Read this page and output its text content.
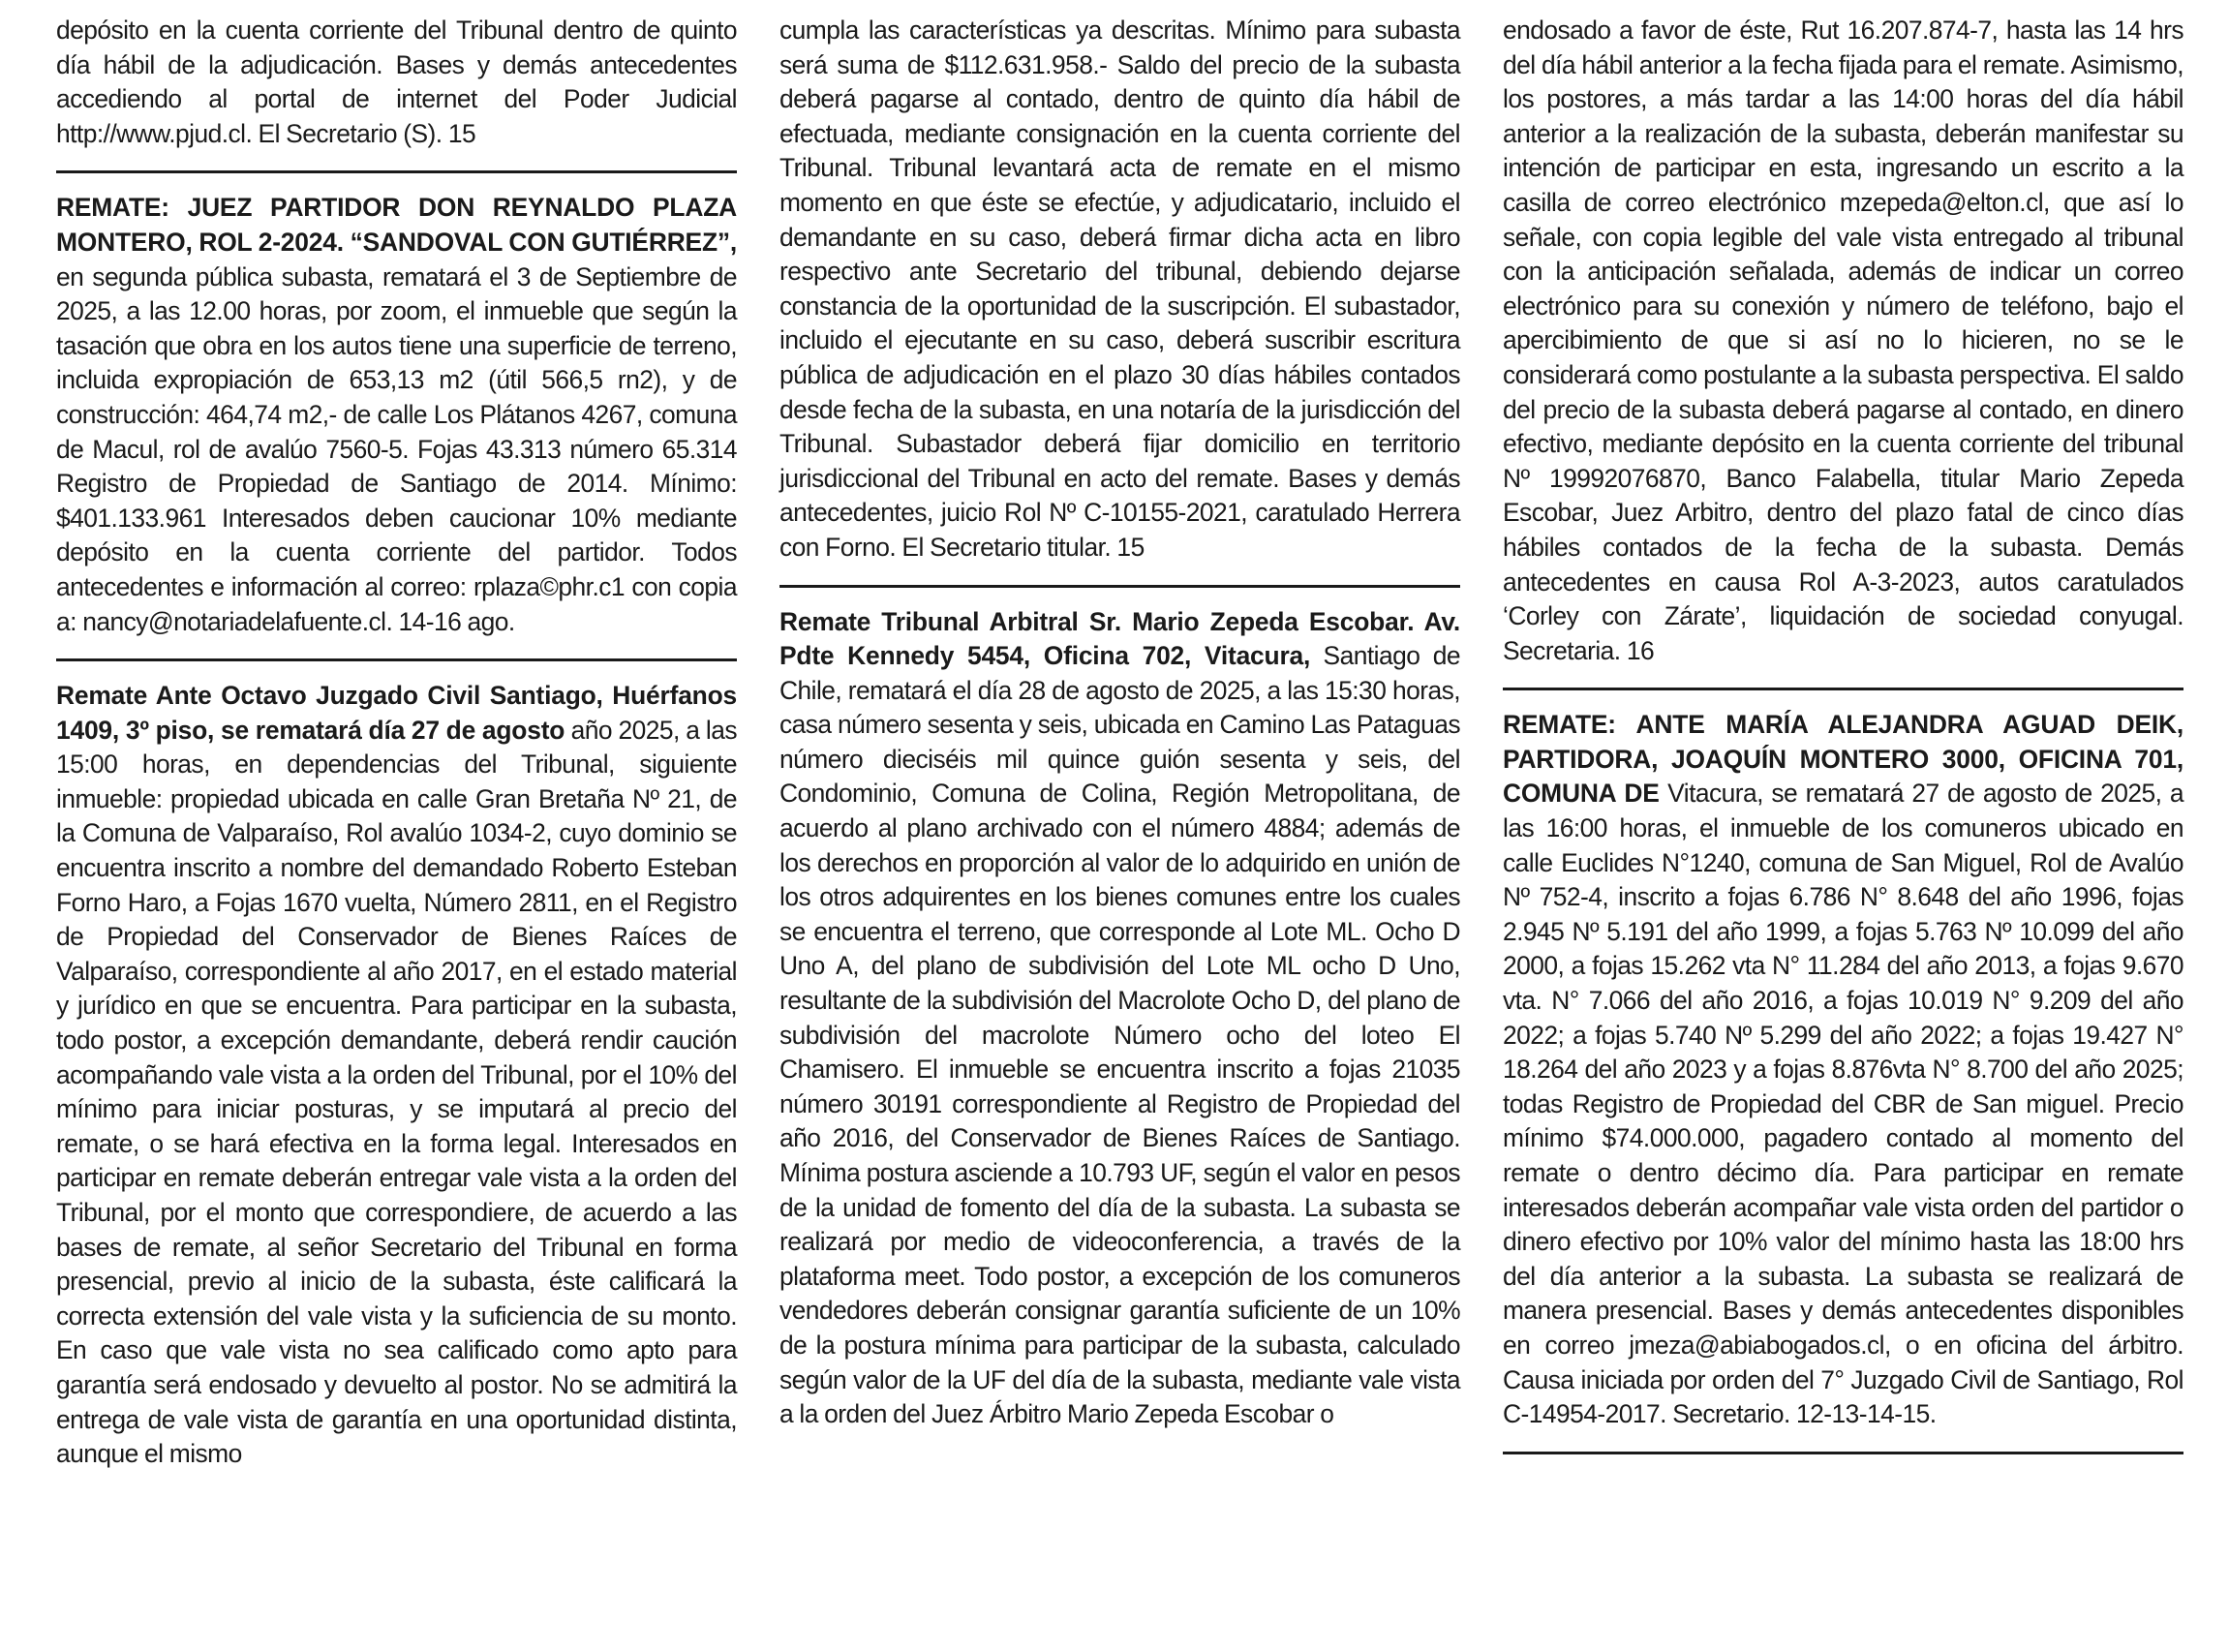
depósito en la cuenta corriente del Tribunal dentro de quinto día hábil de la adjudicación. Bases y demás antecedentes accediendo al portal de internet del Poder Judicial http://www.pjud.cl. El Secretario (S). 15

REMATE: JUEZ PARTIDOR DON REYNALDO PLAZA MONTERO, ROL 2-2024. “SANDOVAL CON GUTIÉRREZ”, en segunda pública subasta, rematará el 3 de Septiembre de 2025, a las 12.00 horas, por zoom, el inmueble que según la tasación que obra en los autos tiene una superficie de terreno, incluida expropiación de 653,13 m2 (útil 566,5 rn2), y de construcción: 464,74 m2,- de calle Los Plátanos 4267, comuna de Macul, rol de avalúo 7560-5. Fojas 43.313 número 65.314 Registro de Propiedad de Santiago de 2014. Mínimo: $401.133.961 Interesados deben caucionar 10% mediante depósito en la cuenta corriente del partidor. Todos antecedentes e información al correo: rplaza©phr.c1 con copia a: nancy@notariadelafuente.cl. 14-16 ago.

Remate Ante Octavo Juzgado Civil Santiago, Huérfanos 1409, 3º piso, se rematará día 27 de agosto año 2025, a las 15:00 horas, en dependencias del Tribunal, siguiente inmueble: propiedad ubicada en calle Gran Bretaña Nº 21, de la Comuna de Valparaíso, Rol avalúo 1034-2, cuyo dominio se encuentra inscrito a nombre del demandado Roberto Esteban Forno Haro, a Fojas 1670 vuelta, Número 2811, en el Registro de Propiedad del Conservador de Bienes Raíces de Valparaíso, correspondiente al año 2017, en el estado material y jurídico en que se encuentra. Para participar en la subasta, todo postor, a excepción demandante, deberá rendir caución acompañando vale vista a la orden del Tribunal, por el 10% del mínimo para iniciar posturas, y se imputará al precio del remate, o se hará efectiva en la forma legal. Interesados en participar en remate deberán entregar vale vista a la orden del Tribunal, por el monto que correspondiere, de acuerdo a las bases de remate, al señor Secretario del Tribunal en forma presencial, previo al inicio de la subasta, éste calificará la correcta extensión del vale vista y la suficiencia de su monto. En caso que vale vista no sea calificado como apto para garantía será endosado y devuelto al postor. No se admitirá la entrega de vale vista de garantía en una oportunidad distinta, aunque el mismo

cumpla las características ya descritas. Mínimo para subasta será suma de $112.631.958.- Saldo del precio de la subasta deberá pagarse al contado, dentro de quinto día hábil de efectuada, mediante consignación en la cuenta corriente del Tribunal. Tribunal levantará acta de remate en el mismo momento en que éste se efectúe, y adjudicatario, incluido el demandante en su caso, deberá firmar dicha acta en libro respectivo ante Secretario del tribunal, debiendo dejarse constancia de la oportunidad de la suscripción. El subastador, incluido el ejecutante en su caso, deberá suscribir escritura pública de adjudicación en el plazo 30 días hábiles contados desde fecha de la subasta, en una notaría de la jurisdicción del Tribunal. Subastador deberá fijar domicilio en territorio jurisdiccional del Tribunal en acto del remate. Bases y demás antecedentes, juicio Rol Nº C-10155-2021, caratulado Herrera con Forno. El Secretario titular. 15

Remate Tribunal Arbitral Sr. Mario Zepeda Escobar. Av. Pdte Kennedy 5454, Oficina 702, Vitacura, Santiago de Chile, rematará el día 28 de agosto de 2025, a las 15:30 horas, casa número sesenta y seis, ubicada en Camino Las Pataguas número dieciséis mil quince guión sesenta y seis, del Condominio, Comuna de Colina, Región Metropolitana, de acuerdo al plano archivado con el número 4884; además de los derechos en proporción al valor de lo adquirido en unión de los otros adquirentes en los bienes comunes entre los cuales se encuentra el terreno, que corresponde al Lote ML. Ocho D Uno A, del plano de subdivisión del Lote ML ocho D Uno, resultante de la subdivisión del Macrolote Ocho D, del plano de subdivisión del macrolote Número ocho del loteo El Chamisero. El inmueble se encuentra inscrito a fojas 21035 número 30191 correspondiente al Registro de Propiedad del año 2016, del Conservador de Bienes Raíces de Santiago. Mínima postura asciende a 10.793 UF, según el valor en pesos de la unidad de fomento del día de la subasta. La subasta se realizará por medio de videoconferencia, a través de la plataforma meet. Todo postor, a excepción de los comuneros vendedores deberán consignar garantía suficiente de un 10% de la postura mínima para participar de la subasta, calculado según valor de la UF del día de la subasta, mediante vale vista a la orden del Juez Árbitro Mario Zepeda Escobar o

endosado a favor de éste, Rut 16.207.874-7, hasta las 14 hrs del día hábil anterior a la fecha fijada para el remate. Asimismo, los postores, a más tardar a las 14:00 horas del día hábil anterior a la realización de la subasta, deberán manifestar su intención de participar en esta, ingresando un escrito a la casilla de correo electrónico mzepeda@elton.cl, que así lo señale, con copia legible del vale vista entregado al tribunal con la anticipación señalada, además de indicar un correo electrónico para su conexión y número de teléfono, bajo el apercibimiento de que si así no lo hicieren, no se le considerará como postulante a la subasta perspectiva. El saldo del precio de la subasta deberá pagarse al contado, en dinero efectivo, mediante depósito en la cuenta corriente del tribunal Nº 19992076870, Banco Falabella, titular Mario Zepeda Escobar, Juez Arbitro, dentro del plazo fatal de cinco días hábiles contados de la fecha de la subasta. Demás antecedentes en causa Rol A-3-2023, autos caratulados ‘Corley con Zárate’, liquidación de sociedad conyugal. Secretaria. 16

REMATE: ANTE MARÍA ALEJANDRA AGUAD DEIK, PARTIDORA, JOAQUÍN MONTERO 3000, OFICINA 701, COMUNA DE Vitacura, se rematará 27 de agosto de 2025, a las 16:00 horas, el inmueble de los comuneros ubicado en calle Euclides N°1240, comuna de San Miguel, Rol de Avalúo Nº 752-4, inscrito a fojas 6.786 N° 8.648 del año 1996, fojas 2.945 Nº 5.191 del año 1999, a fojas 5.763 Nº 10.099 del año 2000, a fojas 15.262 vta N° 11.284 del año 2013, a fojas 9.670 vta. N° 7.066 del año 2016, a fojas 10.019 N° 9.209 del año 2022; a fojas 5.740 Nº 5.299 del año 2022; a fojas 19.427 N° 18.264 del año 2023 y a fojas 8.876vta N° 8.700 del año 2025; todas Registro de Propiedad del CBR de San miguel. Precio mínimo $74.000.000, pagadero contado al momento del remate o dentro décimo día. Para participar en remate interesados deberán acompañar vale vista orden del partidor o dinero efectivo por 10% valor del mínimo hasta las 18:00 hrs del día anterior a la subasta. La subasta se realizará de manera presencial. Bases y demás antecedentes disponibles en correo jmeza@abiabogados.cl, o en oficina del árbitro. Causa iniciada por orden del 7° Juzgado Civil de Santiago, Rol C-14954-2017. Secretario. 12-13-14-15.
